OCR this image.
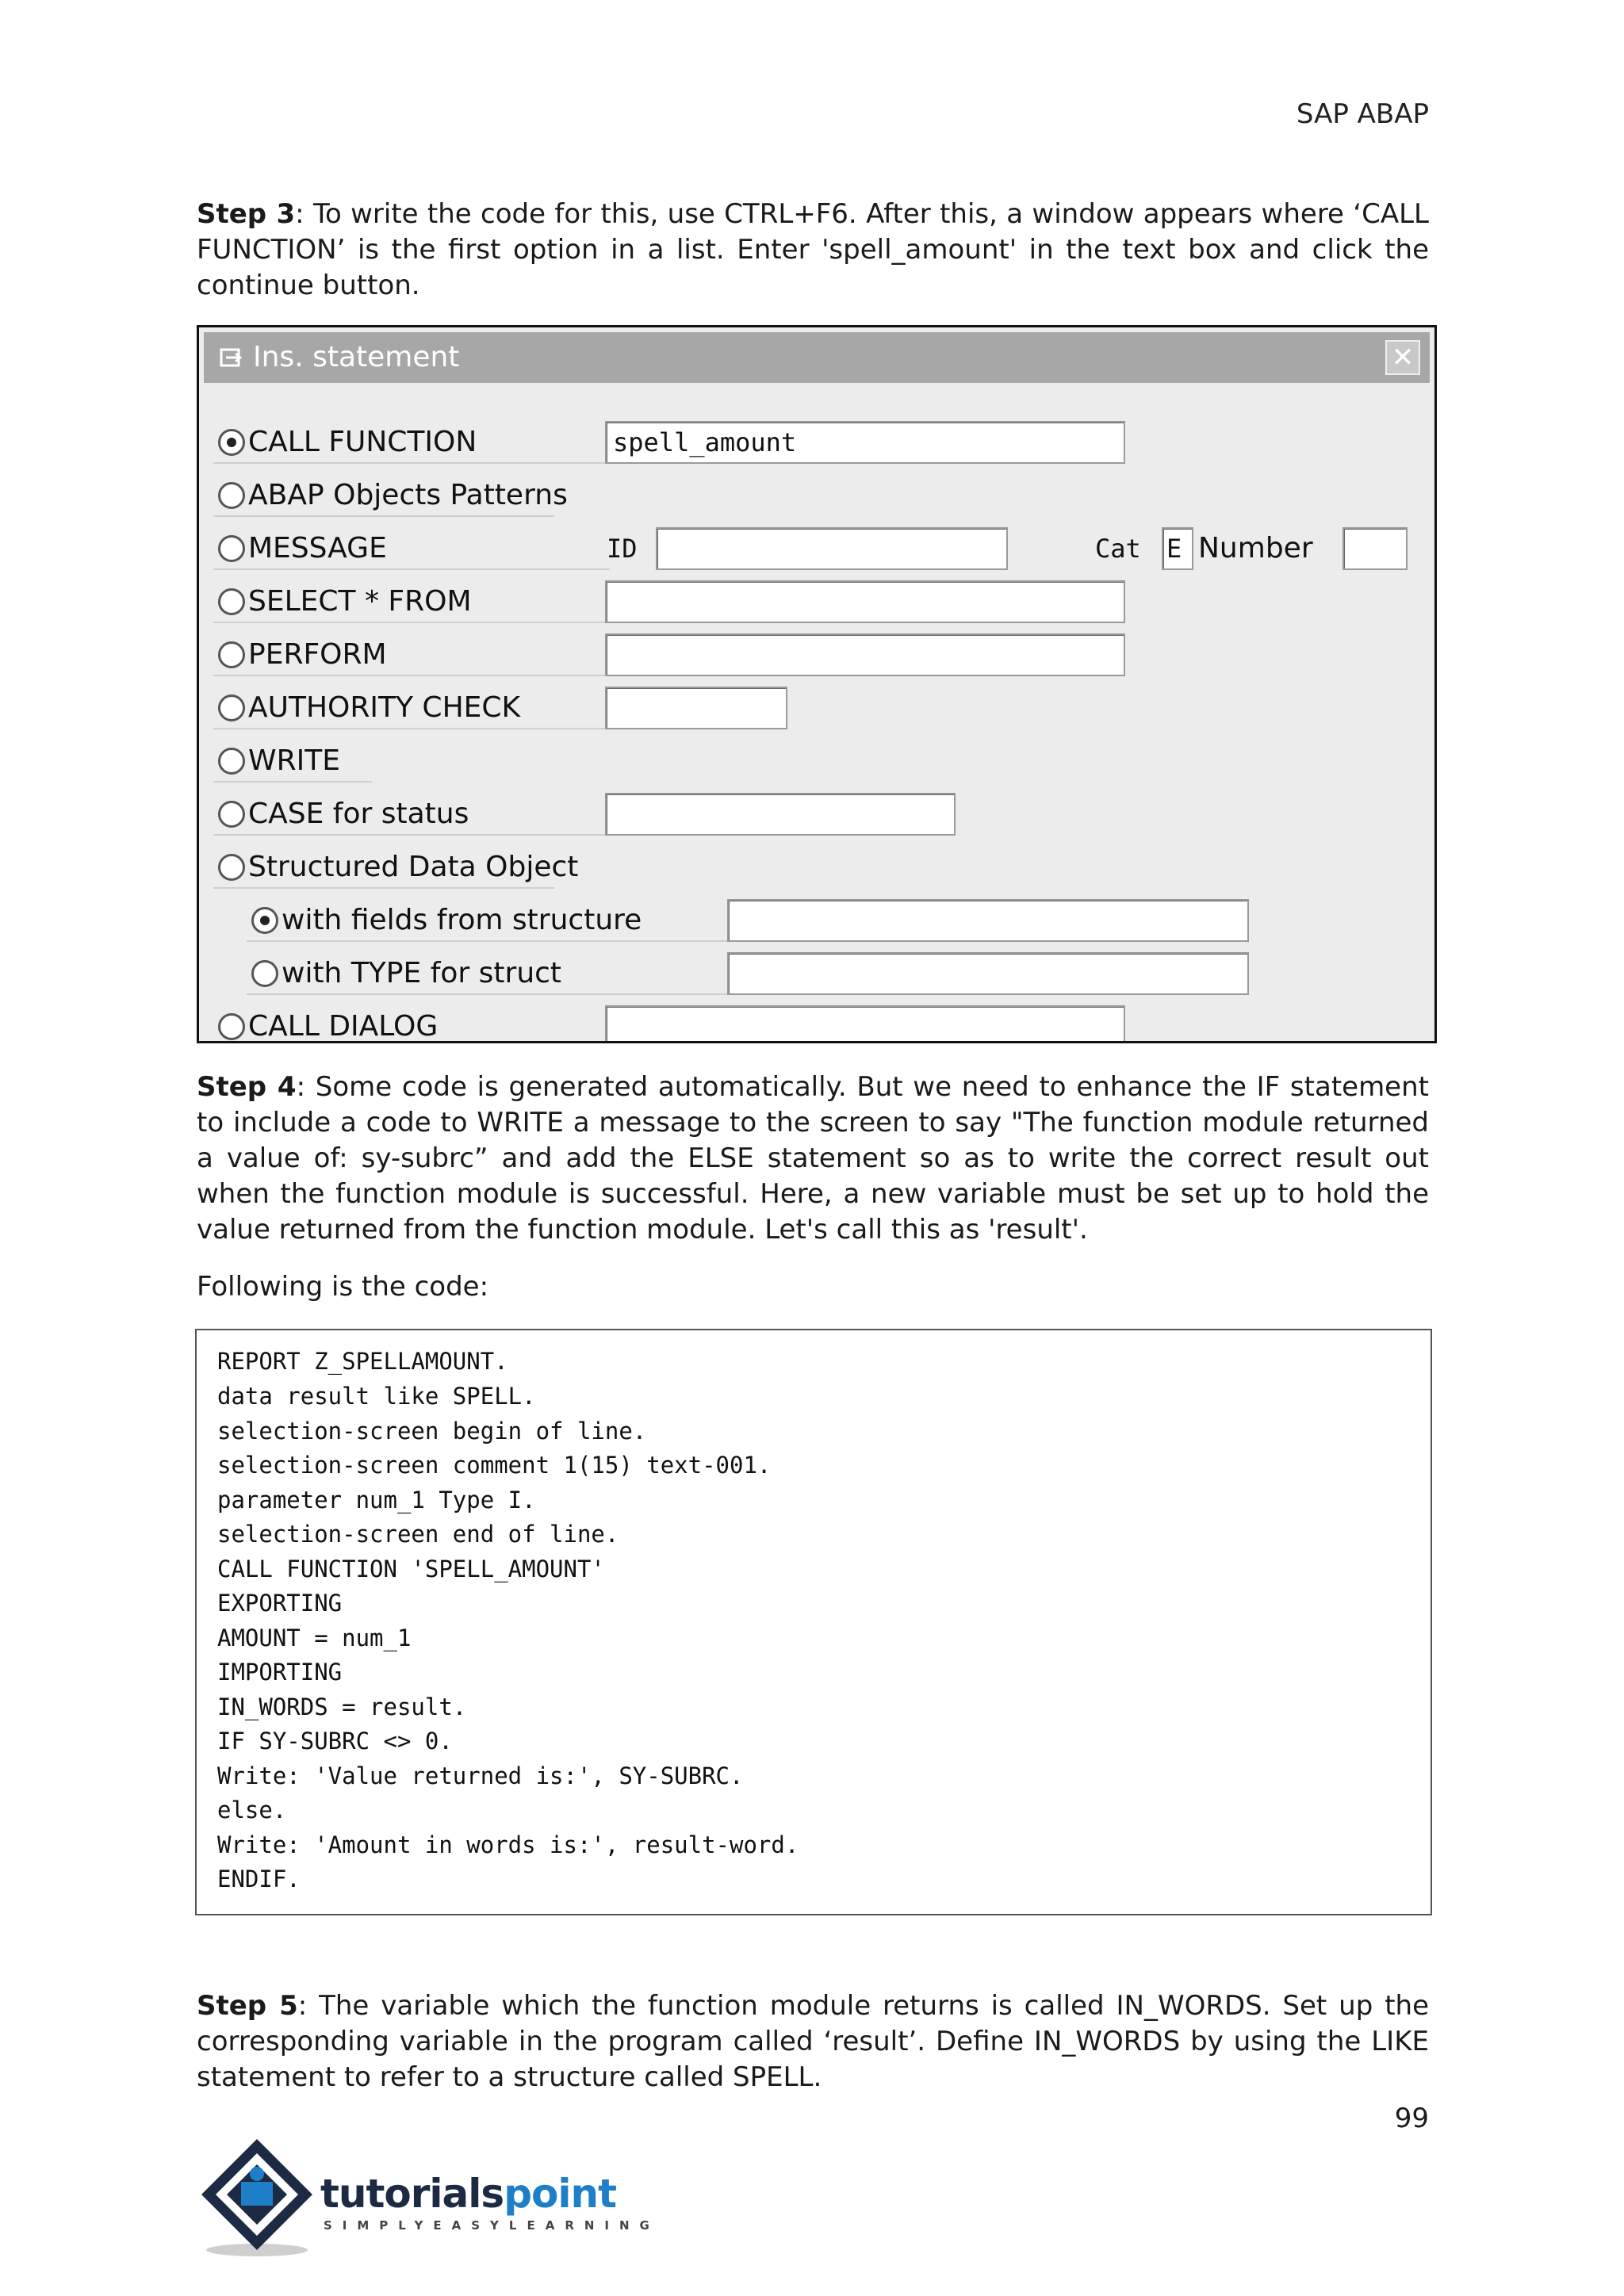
SAP ABAP

Step 3: To write the code for this, use CTRL+F6. After this, a window appears where ‘CALL FUNCTION’ is the first option in a list. Enter 'spell_amount' in the text box and click the continue button.

Ins. statement	✕
CALL FUNCTION	spell_amount
ABAP Objects Patterns
MESSAGE	ID	Cat E Number
SELECT * FROM
PERFORM
AUTHORITY CHECK
WRITE
CASE for status
Structured Data Object
with fields from structure
with TYPE for struct
CALL DIALOG

Step 4: Some code is generated automatically. But we need to enhance the IF statement to include a code to WRITE a message to the screen to say "The function module returned a value of: sy-subrc” and add the ELSE statement so as to write the correct result out when the function module is successful. Here, a new variable must be set up to hold the value returned from the function module. Let's call this as 'result'.

Following is the code:

REPORT Z_SPELLAMOUNT.
data result like SPELL.
selection-screen begin of line.
selection-screen comment 1(15) text-001.
parameter num_1 Type I.
selection-screen end of line.
CALL FUNCTION 'SPELL_AMOUNT'
EXPORTING
AMOUNT = num_1
IMPORTING
IN_WORDS = result.
IF SY-SUBRC <> 0.
Write: 'Value returned is:', SY-SUBRC.
else.
Write: 'Amount in words is:', result-word.
ENDIF.

Step 5: The variable which the function module returns is called IN_WORDS. Set up the corresponding variable in the program called ‘result’. Define IN_WORDS by using the LIKE statement to refer to a structure called SPELL.

99
tutorialspoint
SIMPLYEASYLEARNING
